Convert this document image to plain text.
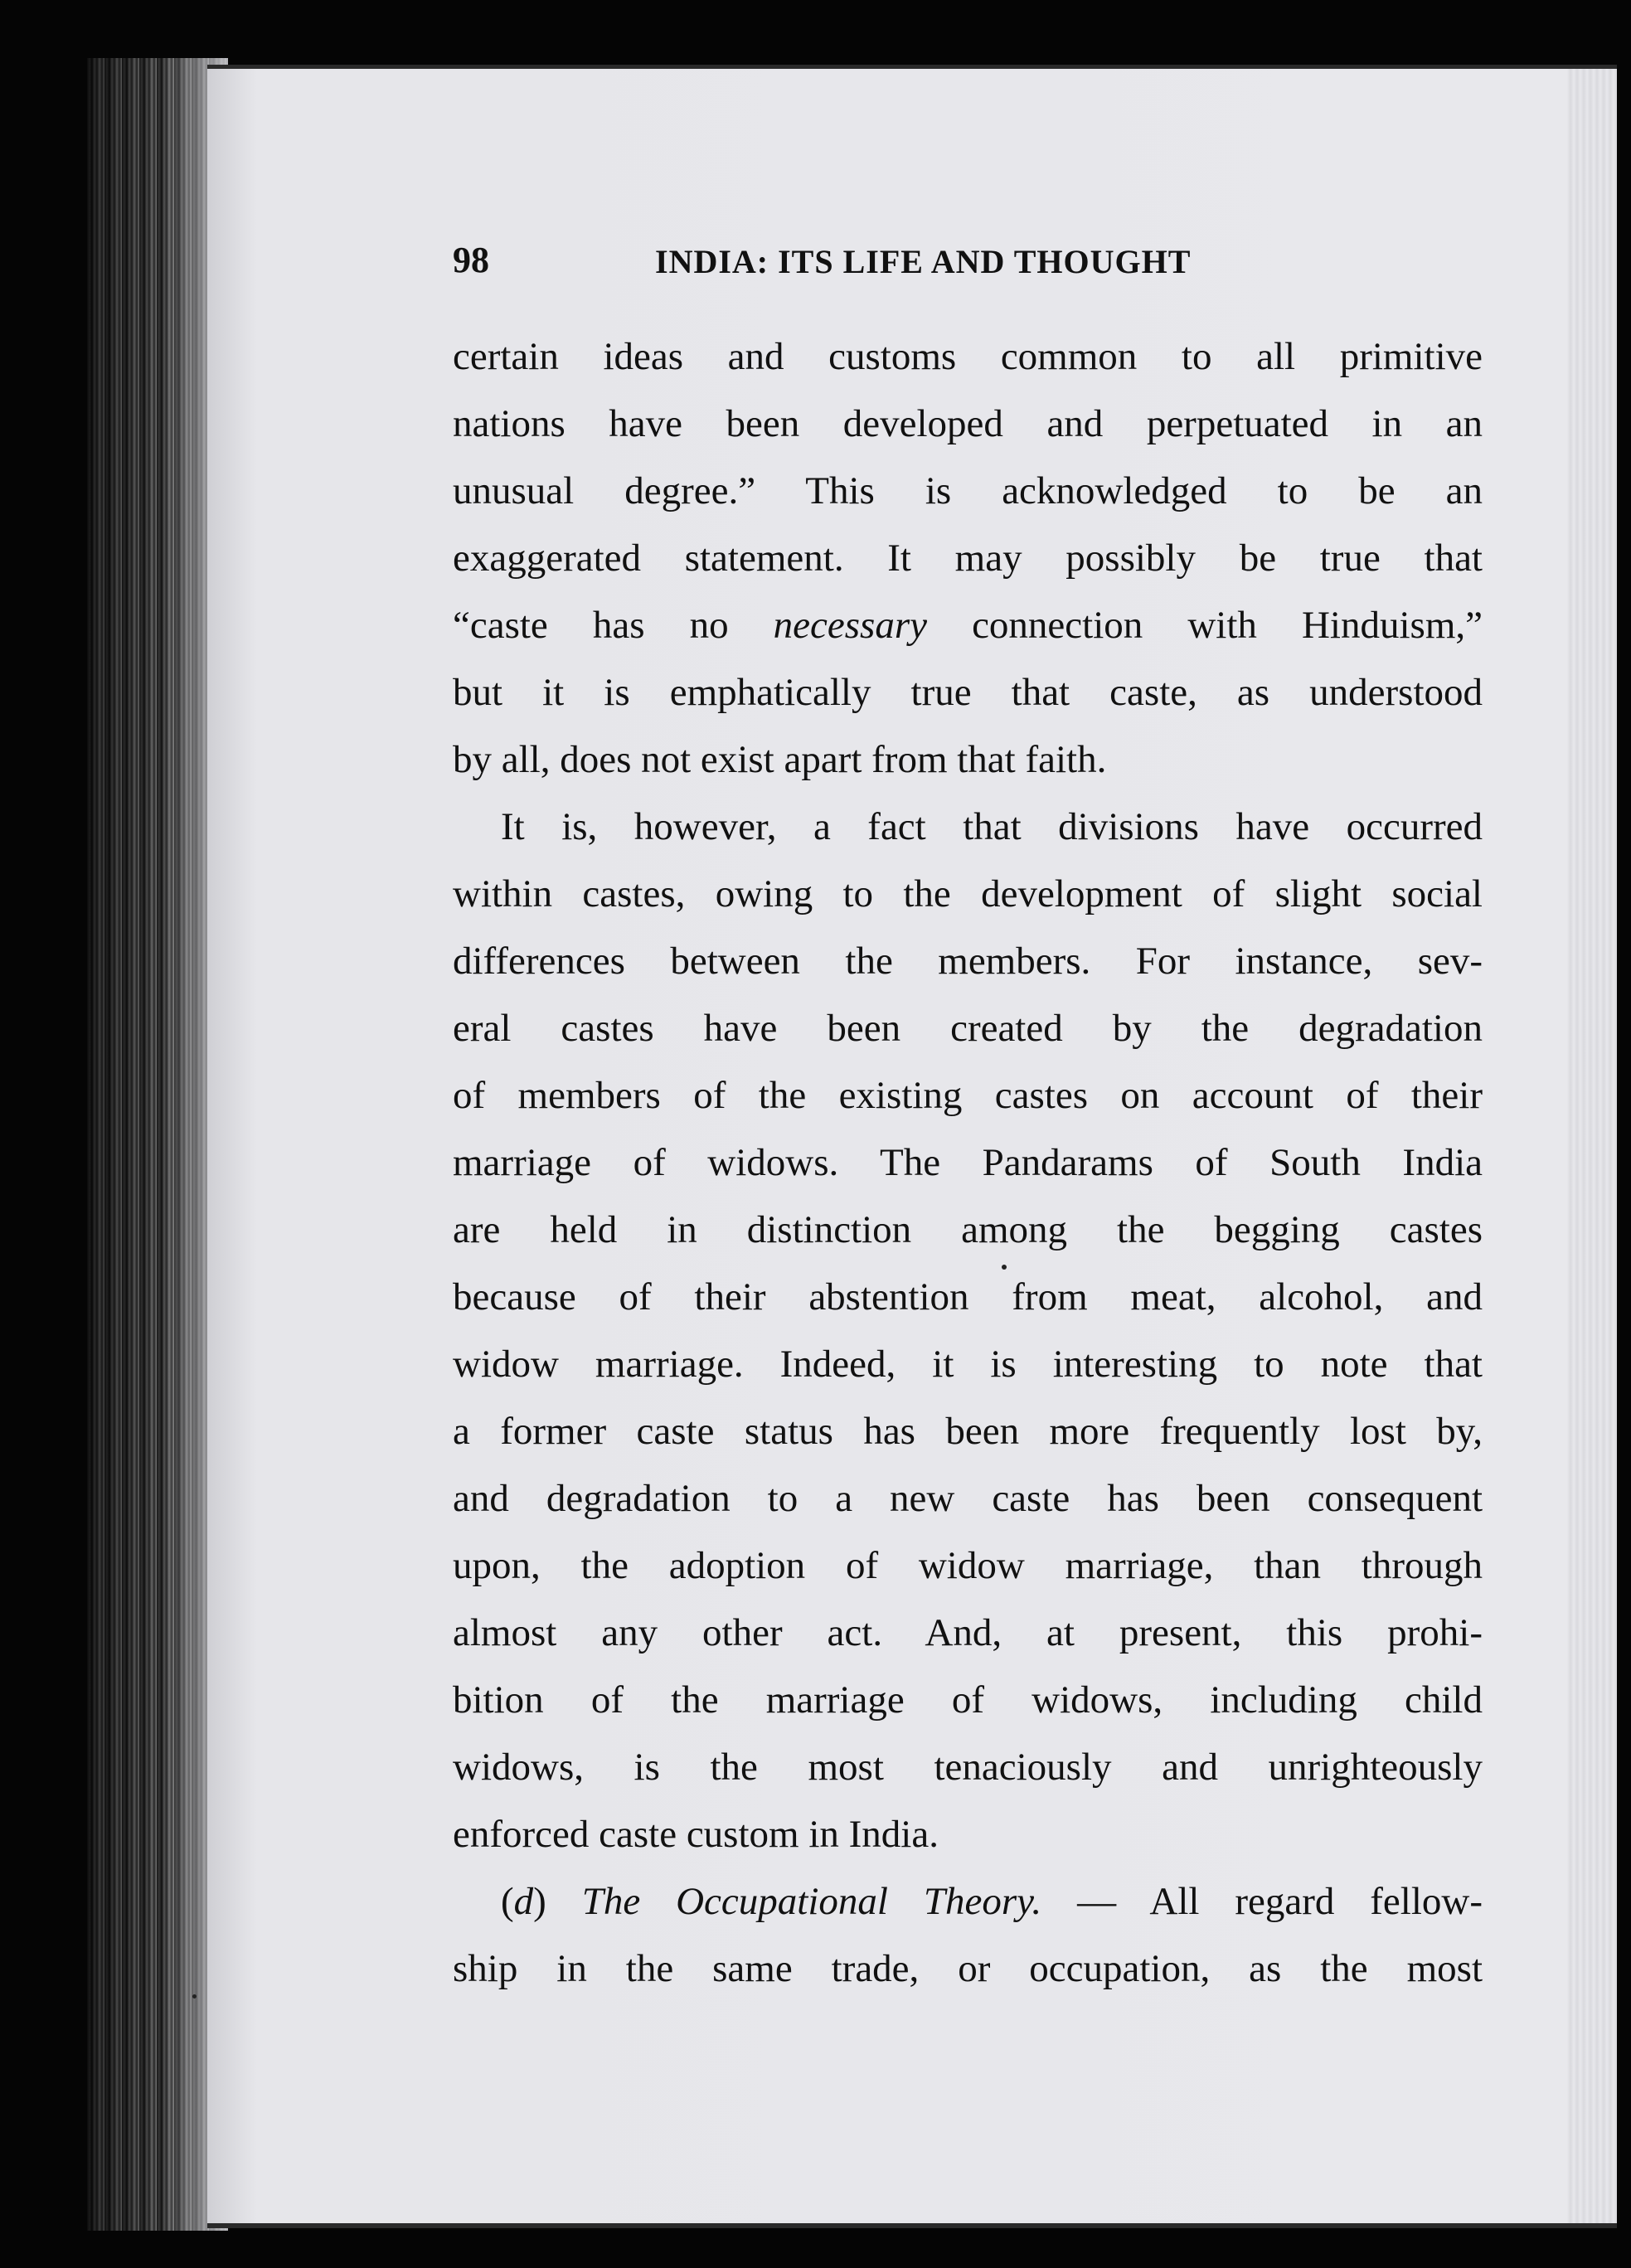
98	INDIA: ITS LIFE AND THOUGHT
certain ideas and customs common to all primitive
nations have been developed and perpetuated in an
unusual degree.” This is acknowledged to be an
exaggerated statement. It may possibly be true that
“caste has no necessary connection with Hinduism,”
but it is emphatically true that caste, as understood
by all, does not exist apart from that faith.
It is, however, a fact that divisions have occurred
within castes, owing to the development of slight social
differences between the members. For instance, sev-
eral castes have been created by the degradation
of members of the existing castes on account of their
marriage of widows. The Pandarams of South India
are held in distinction among the begging castes
because of their abstention from meat, alcohol, and
widow marriage. Indeed, it is interesting to note that
a former caste status has been more frequently lost by,
and degradation to a new caste has been consequent
upon, the adoption of widow marriage, than through
almost any other act. And, at present, this prohi-
bition of the marriage of widows, including child
widows, is the most tenaciously and unrighteously
enforced caste custom in India.
(d) The Occupational Theory. — All regard fellow-
ship in the same trade, or occupation, as the most
